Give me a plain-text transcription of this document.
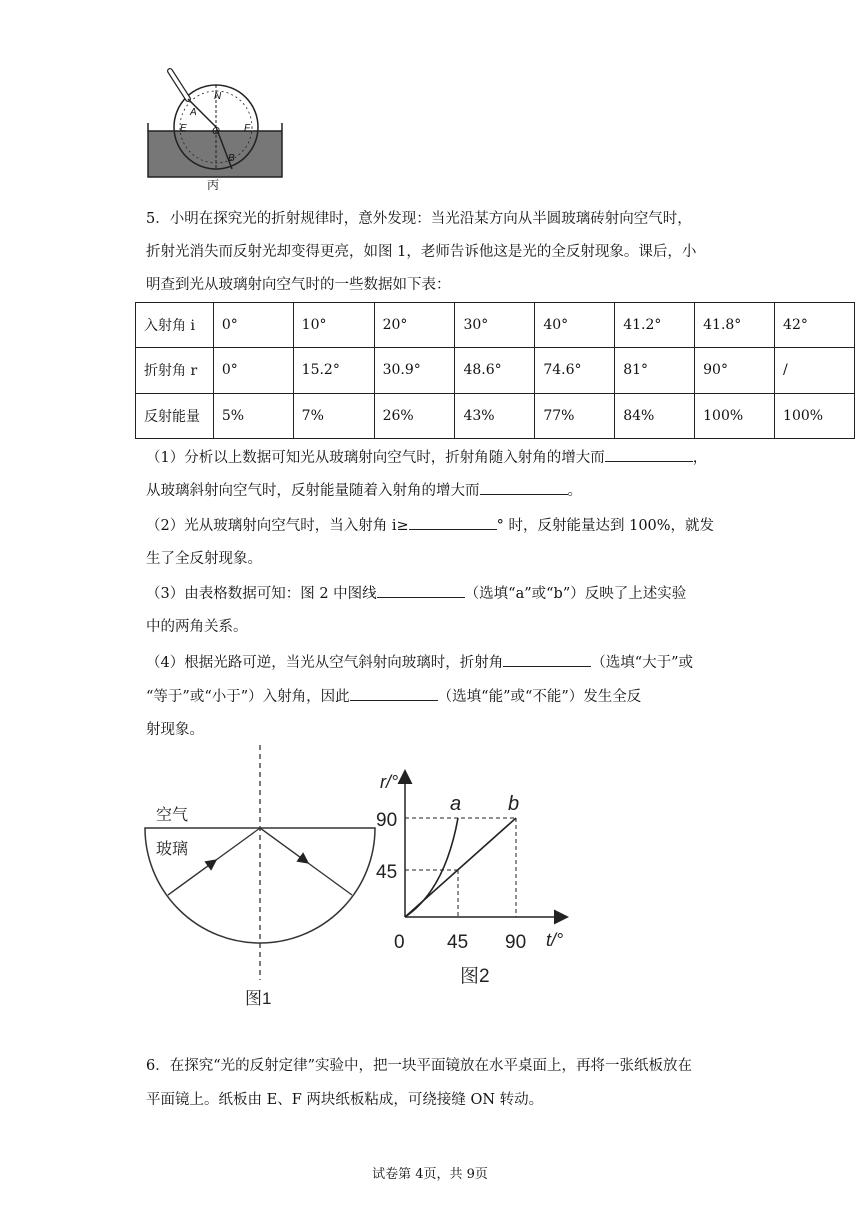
A
N
E	O F
B
丙
5．小明在探究光的折射规律时，意外发现：当光沿某方向从半圆玻璃砖射向空气时，
折射光消失而反射光却变得更亮，如图 1，老师告诉他这是光的全反射现象。课后，小
明查到光从玻璃射向空气时的一些数据如下表：
入射角 i	0°	10°	20°	30°	40°	41.2°	41.8°	42°
折射角 r	0°	15.2°	30.9°	48.6°	74.6°	81°	90°	/
反射能量	5%	7%	26%	43%	77%	84%	100%	100%
（1）分析以上数据可知光从玻璃射向空气时，折射角随入射角的增大而	，
从玻璃斜射向空气时，反射能量随着入射角的增大而	。
（2）光从玻璃射向空气时，当入射角 i≥	° 时，反射能量达到 100%，就发
生了全反射现象。
（3）由表格数据可知：图 2 中图线	（选填“a”或“b”）反映了上述实验
中的两角关系。
（4）根据光路可逆，当光从空气斜射向玻璃时，折射角	（选填“大于”或
“等于”或“小于”）入射角，因此	（选填“能”或“不能”）发生全反
射现象。
空气
玻璃
图1
r/°
t/°
a b
90
45
0 45 90
图2
6．在探究“光的反射定律”实验中，把一块平面镜放在水平桌面上，再将一张纸板放在
平面镜上。纸板由 E、F 两块纸板粘成，可绕接缝 ON 转动。
试卷第 4页，共 9页
